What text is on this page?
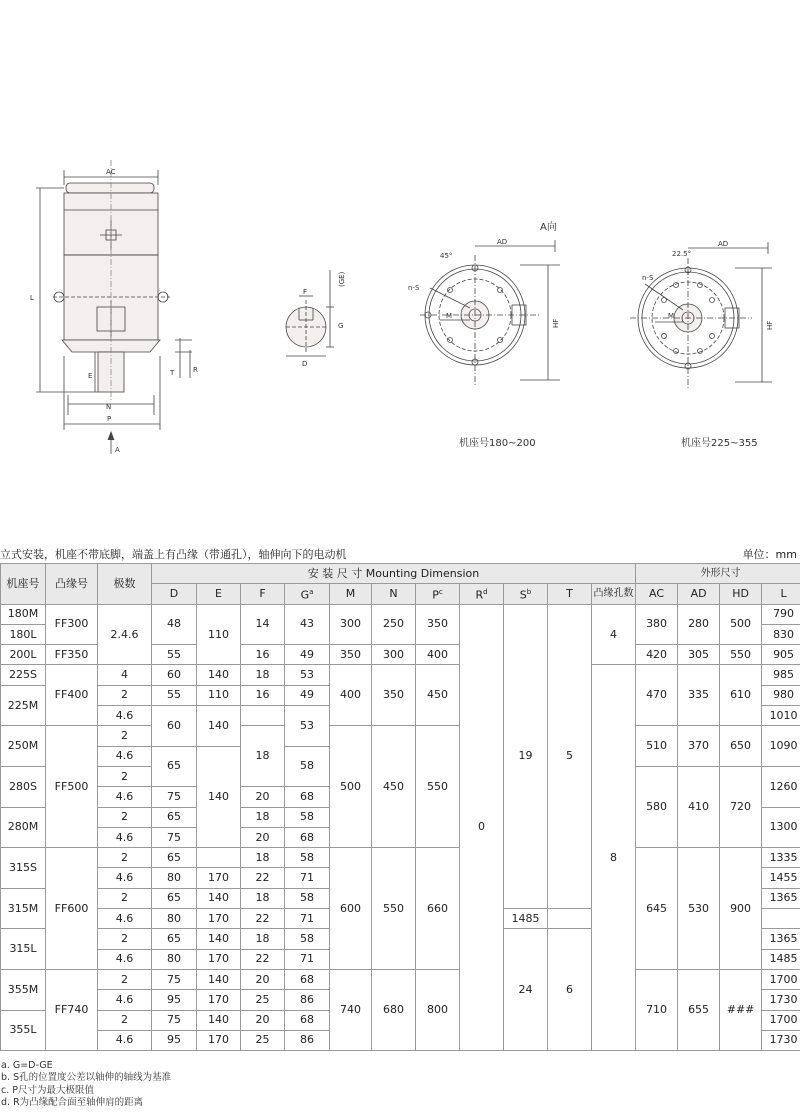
AC
L
E	T	R
N
P
A
F
(GE)
G
D
A向
AD
45°
n-S
M
HF
AD
22.5°
n-S
M
HF
机座号180~200	机座号225~355
立式安装，机座不带底脚，端盖上有凸缘（带通孔），轴伸向下的电动机	单位：mm
机座号	凸缘号	极数	安 装 尺 寸 Mounting Dimension											外形尺寸			
			D	E	F	$G^a$	M	N	$P^c$	$R^d$	$S^b$	T	凸缘孔数	AC	AD	HD	L
180M	FF300	2.4.6	48	110	14	43	300	250	350	0	19	5	4	380	280	500	790
180L																	830
200L	FF350		55		16	49	350	300	400					420	305	550	905
225S	FF400	4	60	140	18	53	400	350	450				8	470	335	610	985
225M		2	55	110	16	49											980
		4.6	60	140		53											1010
250M	FF500	2			18		500	450	550					510	370	650	1090
		4.6	65	140		58											
280S		2												580	410	720	1260
		4.6	75		20	68											
280M		2	65		18	58											1300
		4.6	75		20	68											
315S	FF600	2	65		18	58	600	550	660					645	530	900	1335
		4.6	80	170	22	71											1455
315M		2	65	140	18	58											1365
		4.6	80	170	22	71					1485						
315L		2	65	140	18	58					24	6					1365
		4.6	80	170	22	71											1485
355M	FF740	2	75	140	20	68	740	680	800					710	655	###	1700
		4.6	95	170	25	86											1730
355L		2	75	140	20	68											1700
		4.6	95	170	25	86											1730
a. G=D-GE
b. S孔的位置度公差以轴伸的轴线为基准
c. P尺寸为最大极限值
d. R为凸缘配合面至轴伸肩的距离
